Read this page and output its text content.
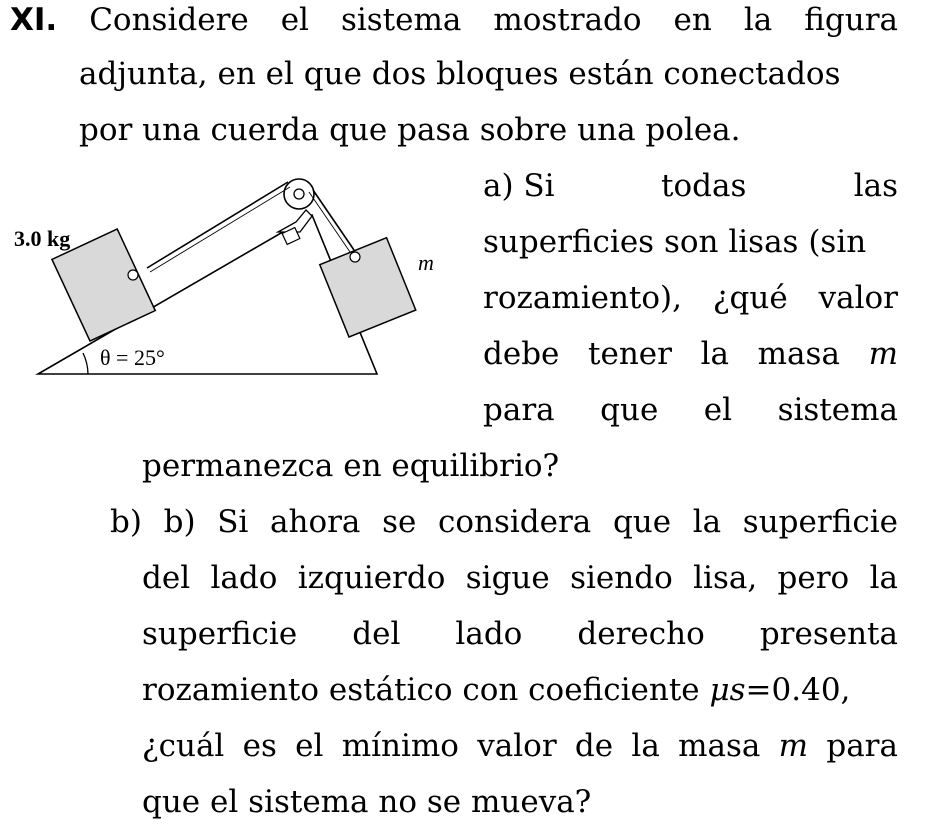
XI. Considere el sistema mostrado en la figura
adjunta, en el que dos bloques están conectados
por una cuerda que pasa sobre una polea.
θ = 25°
3.0 kg
m
a) Si	todas	las
superficies son lisas (sin
rozamiento), ¿qué valor
debe tener la masa m
para que el sistema
permanezca en equilibrio?
b) b) Si ahora se considera que la superficie
del lado izquierdo sigue siendo lisa, pero la
superficie del lado derecho presenta
rozamiento estático con coeficiente μs=0.40,
¿cuál es el mínimo valor de la masa m para
que el sistema no se mueva?
